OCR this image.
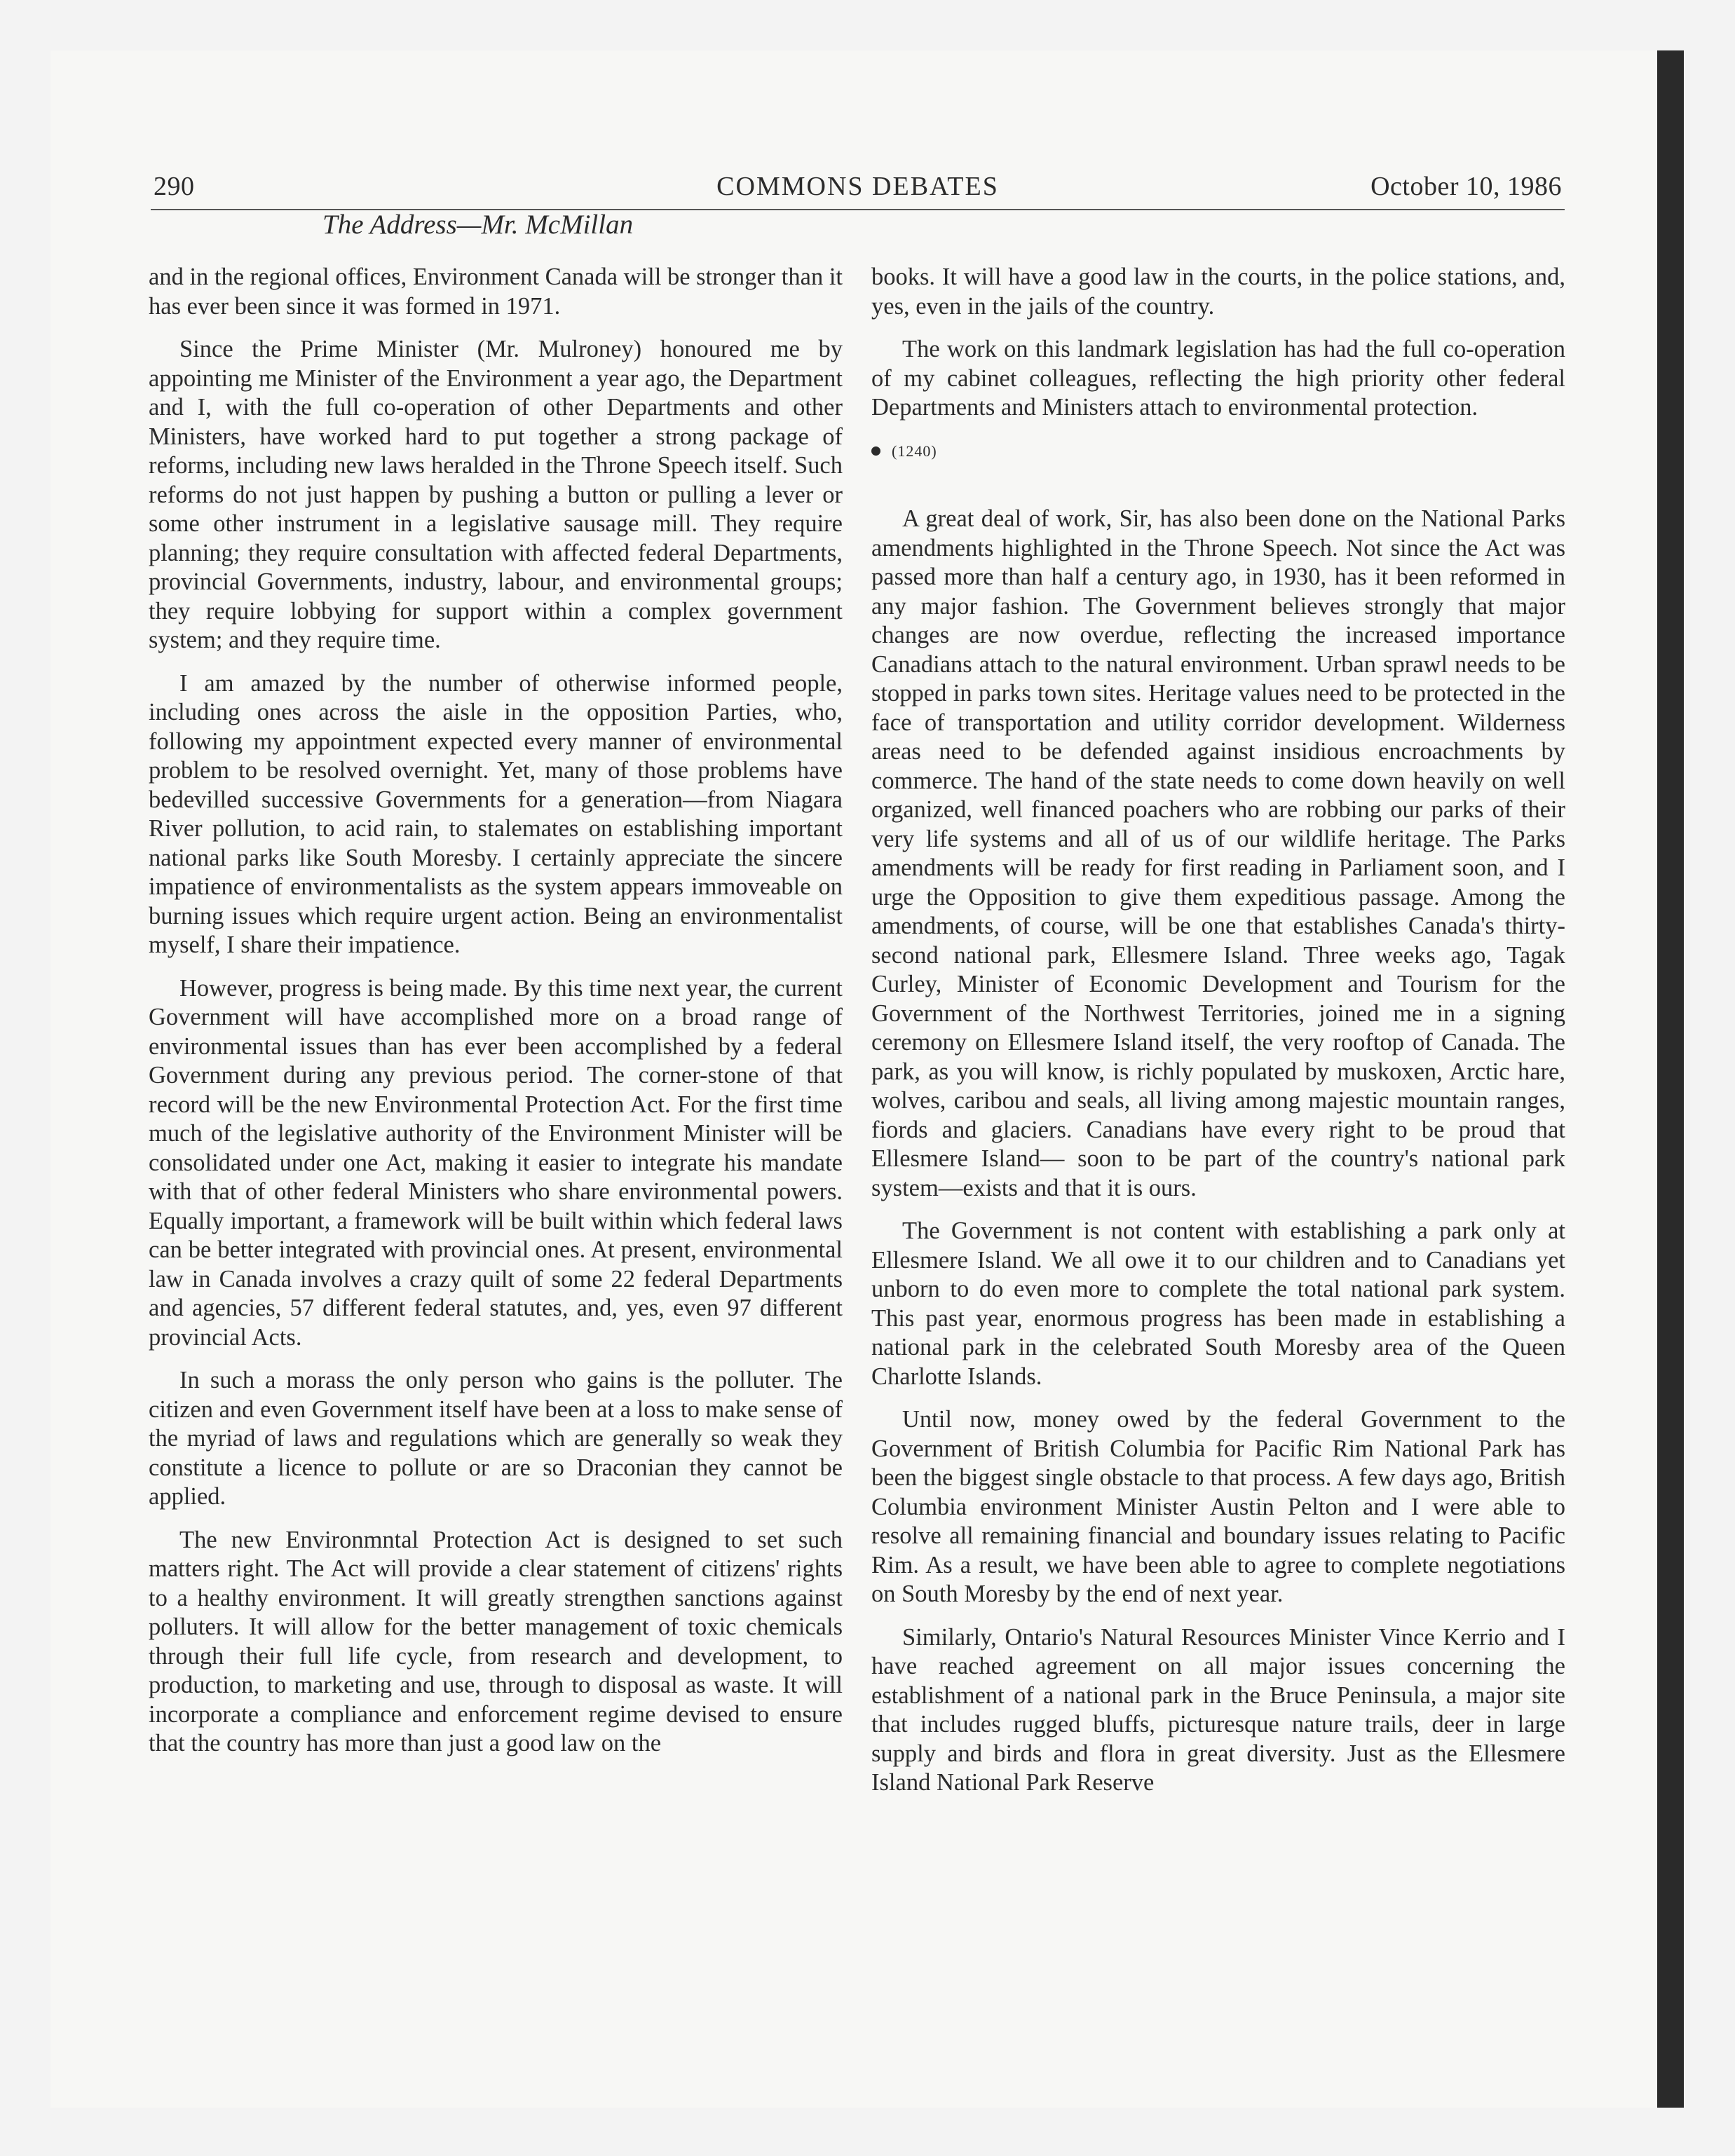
290	COMMONS DEBATES	October 10, 1986
The Address—Mr. McMillan

and in the regional offices, Environment Canada will be stronger than it has ever been since it was formed in 1971.

Since the Prime Minister (Mr. Mulroney) honoured me by appointing me Minister of the Environment a year ago, the Department and I, with the full co-operation of other Departments and other Ministers, have worked hard to put together a strong package of reforms, including new laws heralded in the Throne Speech itself. Such reforms do not just happen by pushing a button or pulling a lever or some other instrument in a legislative sausage mill. They require planning; they require consultation with affected federal Departments, provincial Governments, industry, labour, and environmental groups; they require lobbying for support within a complex government system; and they require time.

I am amazed by the number of otherwise informed people, including ones across the aisle in the opposition Parties, who, following my appointment expected every manner of environmental problem to be resolved overnight. Yet, many of those problems have bedevilled successive Governments for a generation—from Niagara River pollution, to acid rain, to stalemates on establishing important national parks like South Moresby. I certainly appreciate the sincere impatience of environmentalists as the system appears immoveable on burning issues which require urgent action. Being an environmentalist myself, I share their impatience.

However, progress is being made. By this time next year, the current Government will have accomplished more on a broad range of environmental issues than has ever been accomplished by a federal Government during any previous period. The corner-stone of that record will be the new Environmental Protection Act. For the first time much of the legislative authority of the Environment Minister will be consolidated under one Act, making it easier to integrate his mandate with that of other federal Ministers who share environmental powers. Equally important, a framework will be built within which federal laws can be better integrated with provincial ones. At present, environmental law in Canada involves a crazy quilt of some 22 federal Departments and agencies, 57 different federal statutes, and, yes, even 97 different provincial Acts.

In such a morass the only person who gains is the polluter. The citizen and even Government itself have been at a loss to make sense of the myriad of laws and regulations which are generally so weak they constitute a licence to pollute or are so Draconian they cannot be applied.

The new Environmntal Protection Act is designed to set such matters right. The Act will provide a clear statement of citizens' rights to a healthy environment. It will greatly strengthen sanctions against polluters. It will allow for the better management of toxic chemicals through their full life cycle, from research and development, to production, to marketing and use, through to disposal as waste. It will incorporate a compliance and enforcement regime devised to ensure that the country has more than just a good law on the

books. It will have a good law in the courts, in the police stations, and, yes, even in the jails of the country.

The work on this landmark legislation has had the full co-operation of my cabinet colleagues, reflecting the high priority other federal Departments and Ministers attach to environmental protection.

(1240)

A great deal of work, Sir, has also been done on the National Parks amendments highlighted in the Throne Speech. Not since the Act was passed more than half a century ago, in 1930, has it been reformed in any major fashion. The Government believes strongly that major changes are now overdue, reflecting the increased importance Canadians attach to the natural environment. Urban sprawl needs to be stopped in parks town sites. Heritage values need to be protected in the face of transportation and utility corridor development. Wilderness areas need to be defended against insidious encroachments by commerce. The hand of the state needs to come down heavily on well organized, well financed poachers who are robbing our parks of their very life systems and all of us of our wildlife heritage. The Parks amendments will be ready for first reading in Parliament soon, and I urge the Opposition to give them expeditious passage. Among the amendments, of course, will be one that establishes Canada's thirty-second national park, Ellesmere Island. Three weeks ago, Tagak Curley, Minister of Economic Development and Tourism for the Government of the Northwest Territories, joined me in a signing ceremony on Ellesmere Island itself, the very rooftop of Canada. The park, as you will know, is richly populated by muskoxen, Arctic hare, wolves, caribou and seals, all living among majestic mountain ranges, fiords and glaciers. Canadians have every right to be proud that Ellesmere Island— soon to be part of the country's national park system—exists and that it is ours.

The Government is not content with establishing a park only at Ellesmere Island. We all owe it to our children and to Canadians yet unborn to do even more to complete the total national park system. This past year, enormous progress has been made in establishing a national park in the celebrated South Moresby area of the Queen Charlotte Islands.

Until now, money owed by the federal Government to the Government of British Columbia for Pacific Rim National Park has been the biggest single obstacle to that process. A few days ago, British Columbia environment Minister Austin Pelton and I were able to resolve all remaining financial and boundary issues relating to Pacific Rim. As a result, we have been able to agree to complete negotiations on South Moresby by the end of next year.

Similarly, Ontario's Natural Resources Minister Vince Kerrio and I have reached agreement on all major issues concerning the establishment of a national park in the Bruce Peninsula, a major site that includes rugged bluffs, picturesque nature trails, deer in large supply and birds and flora in great diversity. Just as the Ellesmere Island National Park Reserve
